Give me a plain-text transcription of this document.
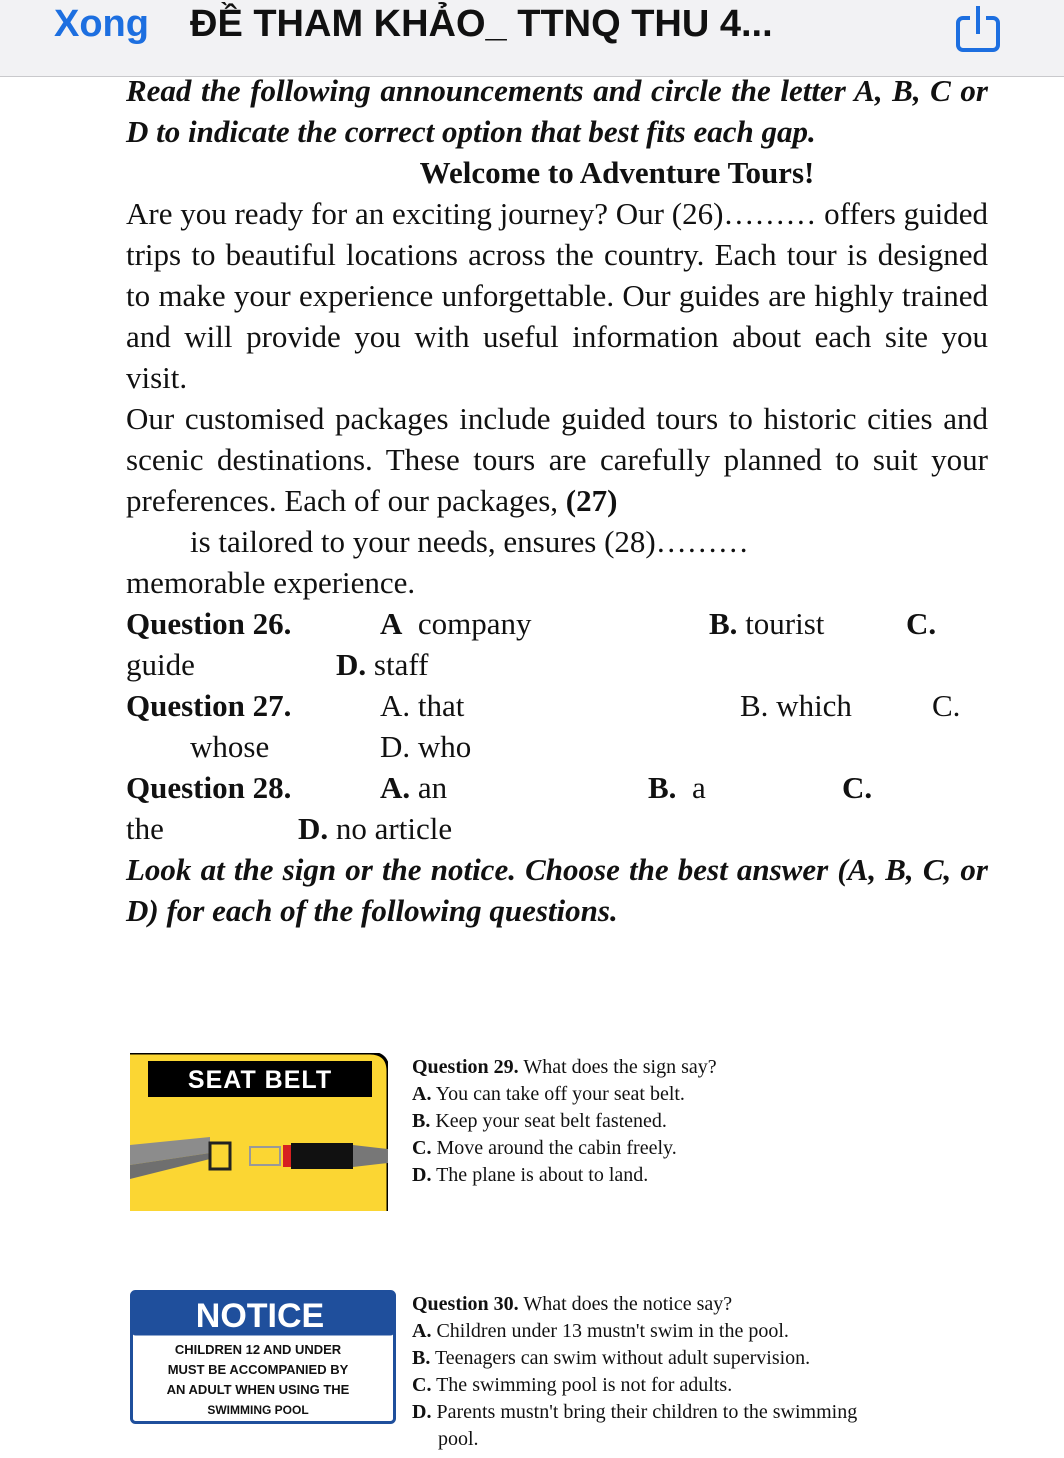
Xong ĐỀ THAM KHẢO_ TTNQ THU 4...

Read the following announcements and circle the letter A, B, C or D to indicate the correct option that best fits each gap.

Welcome to Adventure Tours!

Are you ready for an exciting journey? Our (26)……… offers guided trips to beautiful locations across the country. Each tour is designed to make your experience unforgettable. Our guides are highly trained and will provide you with useful information about each site you visit.

Our customised packages include guided tours to historic cities and scenic destinations. These tours are carefully planned to suit your preferences. Each of our packages, (27)

is tailored to your needs, ensures (28)………

memorable experience.

Question 26.	A company	B. tourist	C.
guide	D. staff
Question 27.	A. that	B. which	C.
whose	D. who
Question 28.	A. an	B. a	C.
the	D. no article

Look at the sign or the notice. Choose the best answer (A, B, C, or D) for each of the following questions.

SEAT BELT	Question 29. What does the sign say?
A. You can take off your seat belt.
B. Keep your seat belt fastened.
C. Move around the cabin freely.
D. The plane is about to land.
NOTICE
CHILDREN 12 AND UNDER
MUST BE ACCOMPANIED BY
AN ADULT WHEN USING THE
SWIMMING POOL
Question 30. What does the notice say?
A. Children under 13 mustn't swim in the pool.
B. Teenagers can swim without adult supervision.
C. The swimming pool is not for adults.
D. Parents mustn't bring their children to the swimming
pool.
